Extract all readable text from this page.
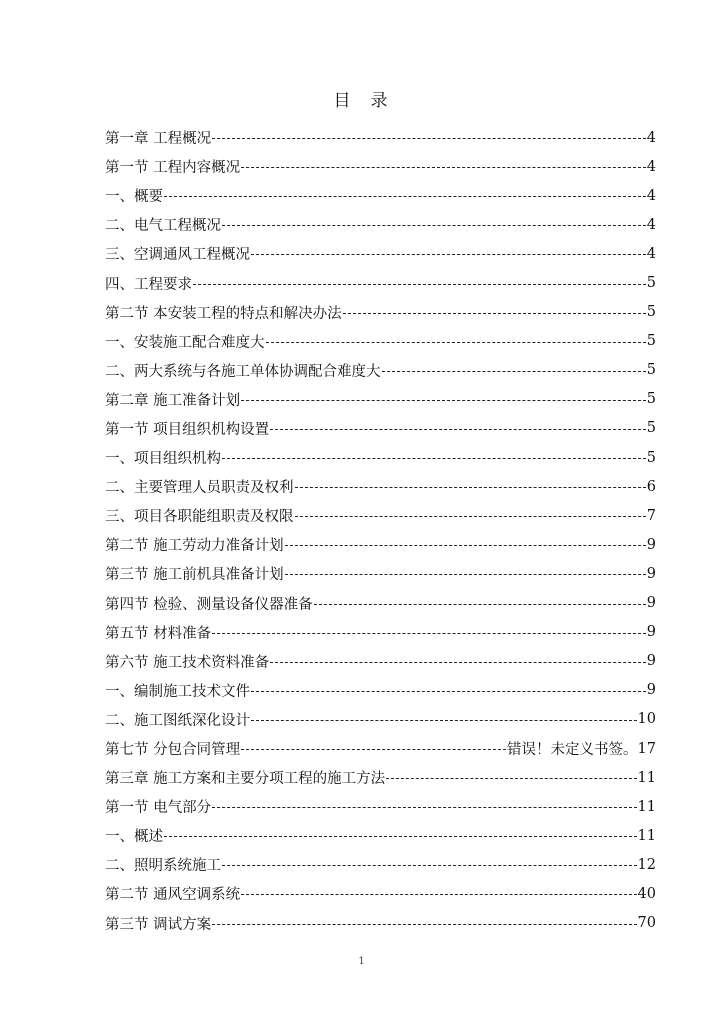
目 录
第一章 工程概况	4
第一节 工程内容概况	4
一、概要	4
二、电气工程概况	4
三、空调通风工程概况	4
四、工程要求	5
第二节 本安装工程的特点和解决办法	5
一、安装施工配合难度大	5
二、两大系统与各施工单体协调配合难度大	5
第二章 施工准备计划	5
第一节 项目组织机构设置	5
一、项目组织机构	5
二、主要管理人员职责及权利	6
三、项目各职能组职责及权限	7
第二节 施工劳动力准备计划	9
第三节 施工前机具准备计划	9
第四节 检验、测量设备仪器准备	9
第五节 材料准备	9
第六节 施工技术资料准备	9
一、编制施工技术文件	9
二、施工图纸深化设计	10
第七节 分包合同管理	错误！未定义书签。 17
第三章 施工方案和主要分项工程的施工方法	11
第一节 电气部分	11
一、概述	11
二、照明系统施工	12
第二节 通风空调系统	40
第三节 调试方案	70
1
